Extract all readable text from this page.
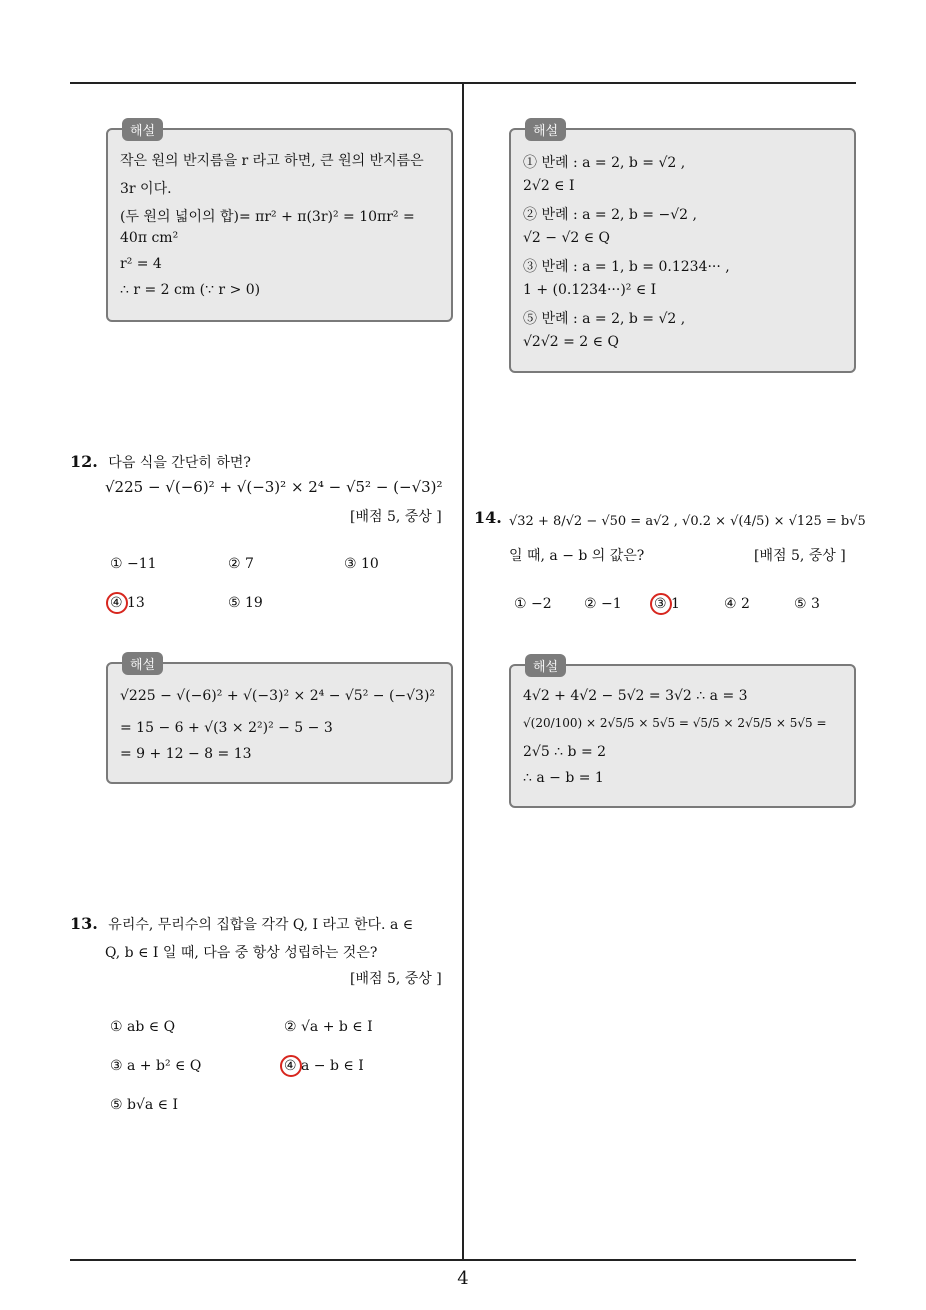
해설
작은 원의 반지름을 r 라고 하면, 큰 원의 반지름은
3r 이다.
(두 원의 넓이의 합)= πr² + π(3r)² = 10πr² =
40π cm²
r² = 4
∴ r = 2 cm (∵ r > 0)
12. 다음 식을 간단히 하면?
√225 − √(−6)² + √(−3)² × 2⁴ − √5² − (−√3)²
[배점 5, 중상 ]
① −11	② 7	③ 10
④ 13	⑤ 19
해설
√225 − √(−6)² + √(−3)² × 2⁴ − √5² − (−√3)²
= 15 − 6 + √(3 × 2²)² − 5 − 3
= 9 + 12 − 8 = 13
13. 유리수, 무리수의 집합을 각각 Q, I 라고 한다. a ∈
Q, b ∈ I 일 때, 다음 중 항상 성립하는 것은?
[배점 5, 중상 ]
① ab ∈ Q	② √a + b ∈ I
③ a + b² ∈ Q	④ a − b ∈ I
⑤ b√a ∈ I
해설
① 반례 : a = 2, b = √2 ,
2√2 ∈ I
② 반례 : a = 2, b = −√2 ,
√2 − √2 ∈ Q
③ 반례 : a = 1, b = 0.1234··· ,
1 + (0.1234···)² ∈ I
⑤ 반례 : a = 2, b = √2 ,
√2√2 = 2 ∈ Q
14. √32 + 8/√2 − √50 = a√2 , √0.2 × √(4/5) × √125 = b√5
일 때, a − b 의 값은?	[배점 5, 중상 ]
① −2 ② −1 ③ 1	④ 2	⑤ 3
해설
4√2 + 4√2 − 5√2 = 3√2 ∴ a = 3
√(20/100) × 2√5/5 × 5√5 = √5/5 × 2√5/5 × 5√5 =
2√5 ∴ b = 2
∴ a − b = 1
4
